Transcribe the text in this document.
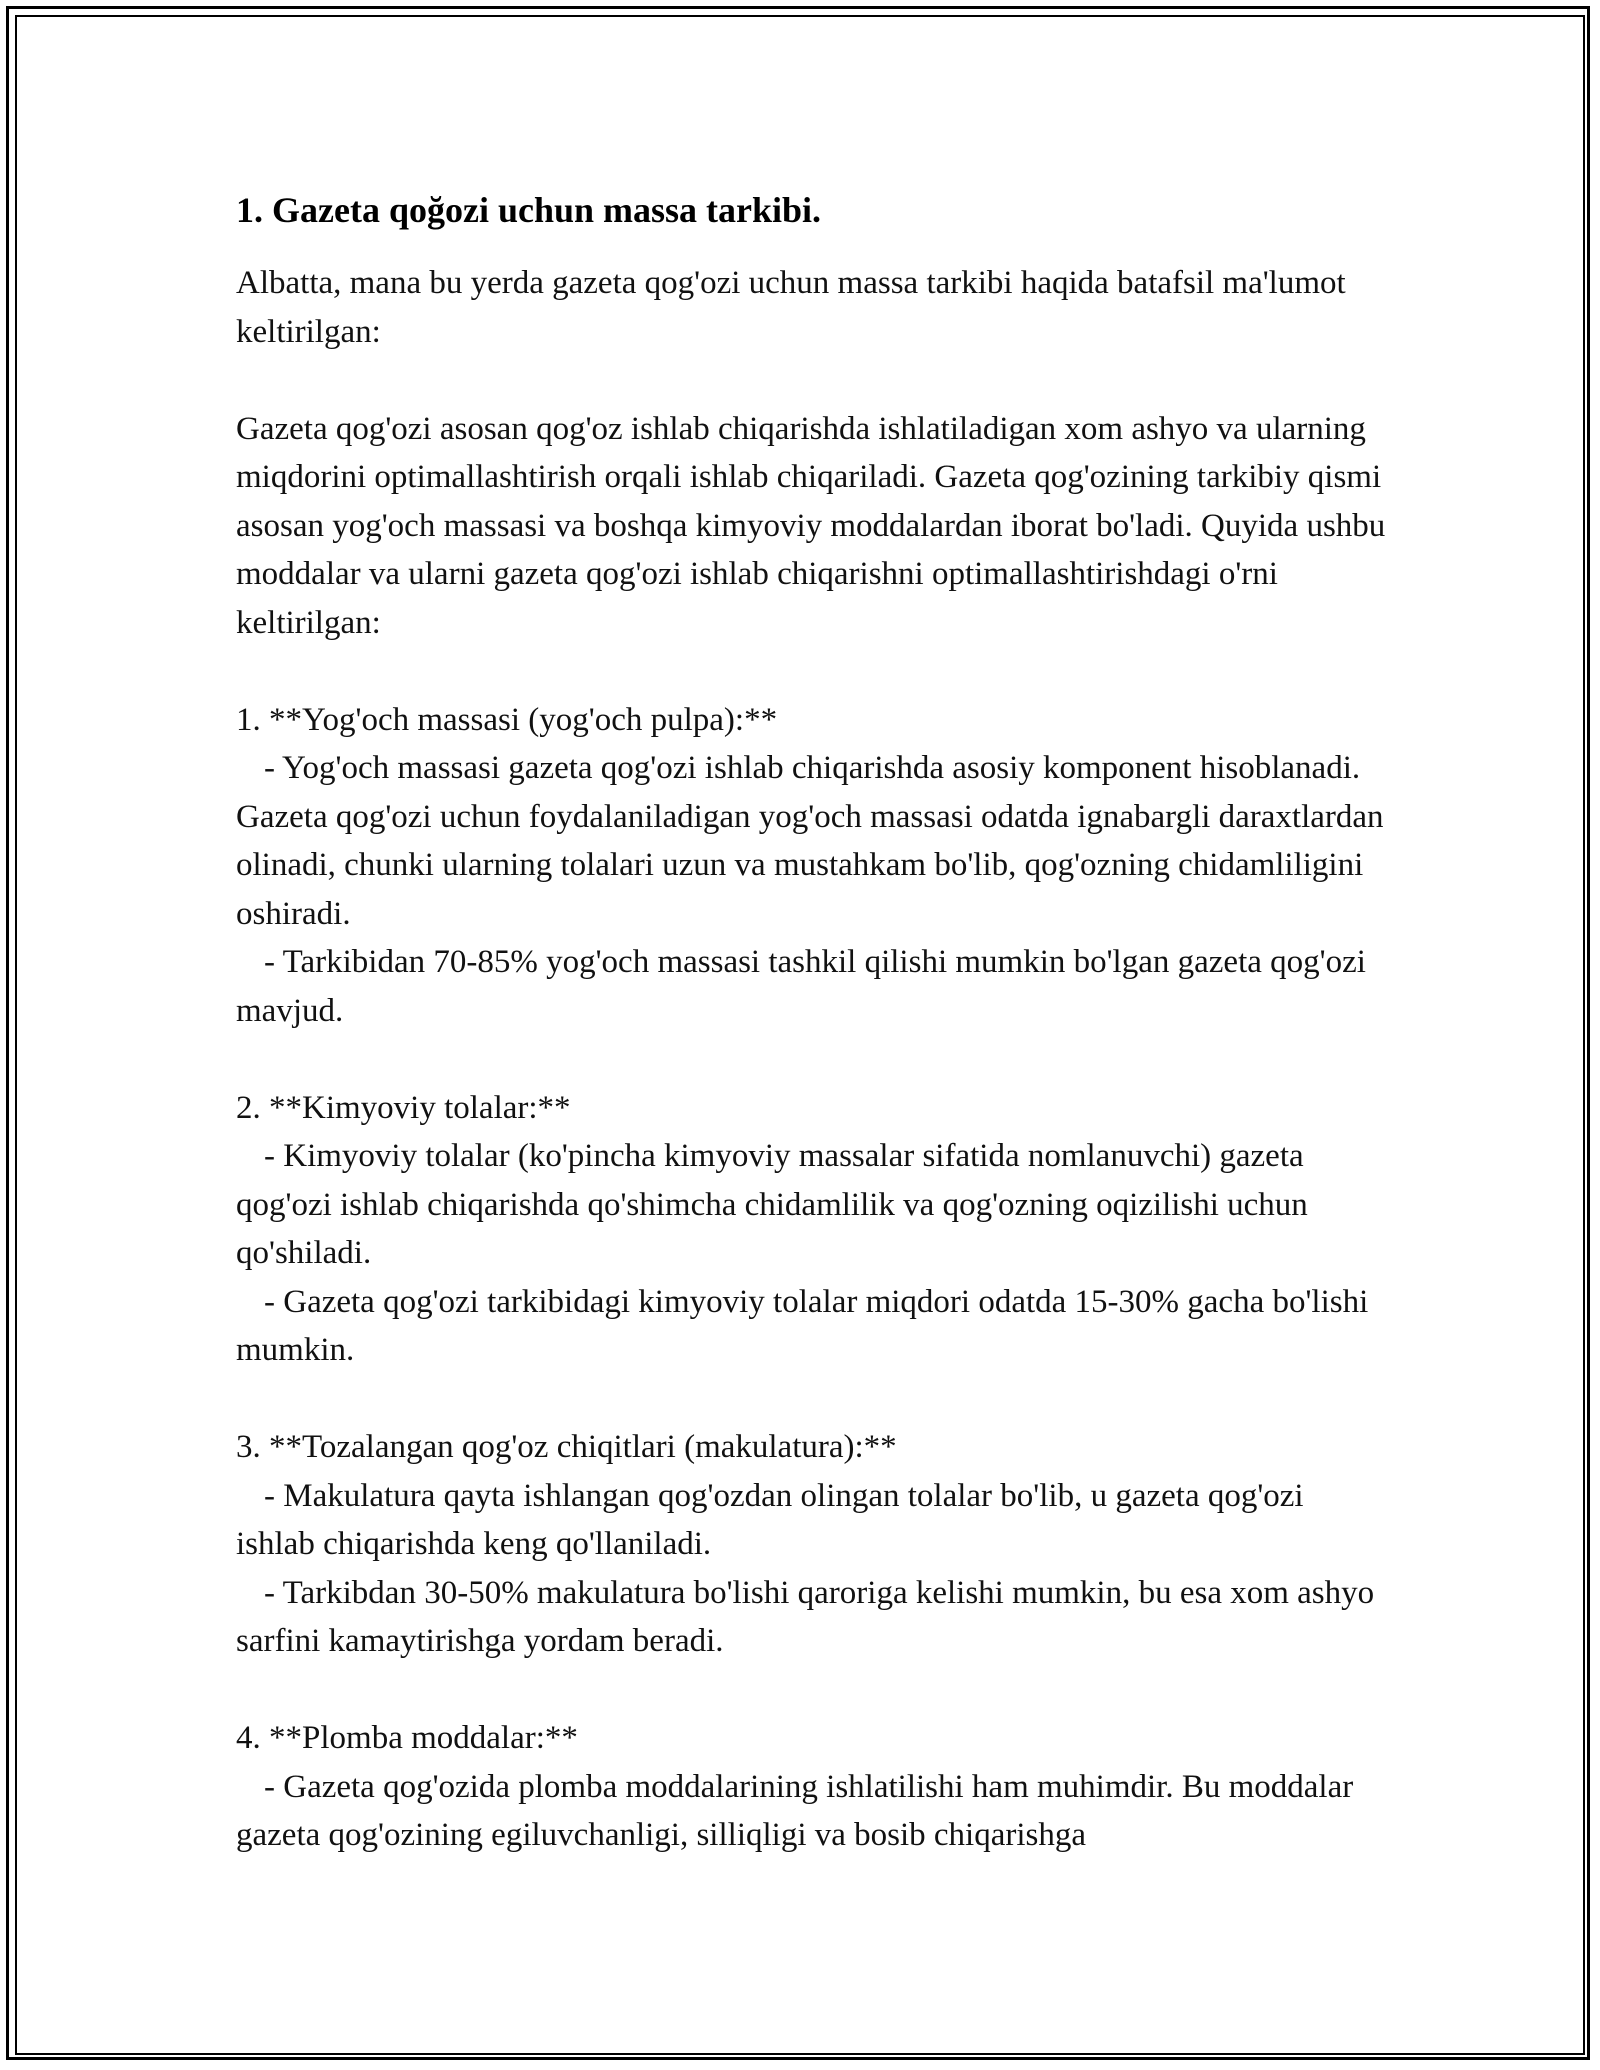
1. Gazeta qoğozi uchun massa tarkibi.

Albatta, mana bu yerda gazeta qog'ozi uchun massa tarkibi haqida batafsil ma'lumot keltirilgan:

Gazeta qog'ozi asosan qog'oz ishlab chiqarishda ishlatiladigan xom ashyo va ularning miqdorini optimallashtirish orqali ishlab chiqariladi. Gazeta qog'ozining tarkibiy qismi asosan yog'och massasi va boshqa kimyoviy moddalardan iborat bo'ladi. Quyida ushbu moddalar va ularni gazeta qog'ozi ishlab chiqarishni optimallashtirishdagi o'rni keltirilgan:

1. **Yog'och massasi (yog'och pulpa):**

- Yog'och massasi gazeta qog'ozi ishlab chiqarishda asosiy komponent hisoblanadi. Gazeta qog'ozi uchun foydalaniladigan yog'och massasi odatda ignabargli daraxtlardan olinadi, chunki ularning tolalari uzun va mustahkam bo'lib, qog'ozning chidamliligini oshiradi.

- Tarkibidan 70-85% yog'och massasi tashkil qilishi mumkin bo'lgan gazeta qog'ozi mavjud.

2. **Kimyoviy tolalar:**

- Kimyoviy tolalar (ko'pincha kimyoviy massalar sifatida nomlanuvchi) gazeta qog'ozi ishlab chiqarishda qo'shimcha chidamlilik va qog'ozning oqizilishi uchun qo'shiladi.

- Gazeta qog'ozi tarkibidagi kimyoviy tolalar miqdori odatda 15-30% gacha bo'lishi mumkin.

3. **Tozalangan qog'oz chiqitlari (makulatura):**

- Makulatura qayta ishlangan qog'ozdan olingan tolalar bo'lib, u gazeta qog'ozi ishlab chiqarishda keng qo'llaniladi.

- Tarkibdan 30-50% makulatura bo'lishi qaroriga kelishi mumkin, bu esa xom ashyo sarfini kamaytirishga yordam beradi.

4. **Plomba moddalar:**

- Gazeta qog'ozida plomba moddalarining ishlatilishi ham muhimdir. Bu moddalar gazeta qog'ozining egiluvchanligi, silliqligi va bosib chiqarishga
